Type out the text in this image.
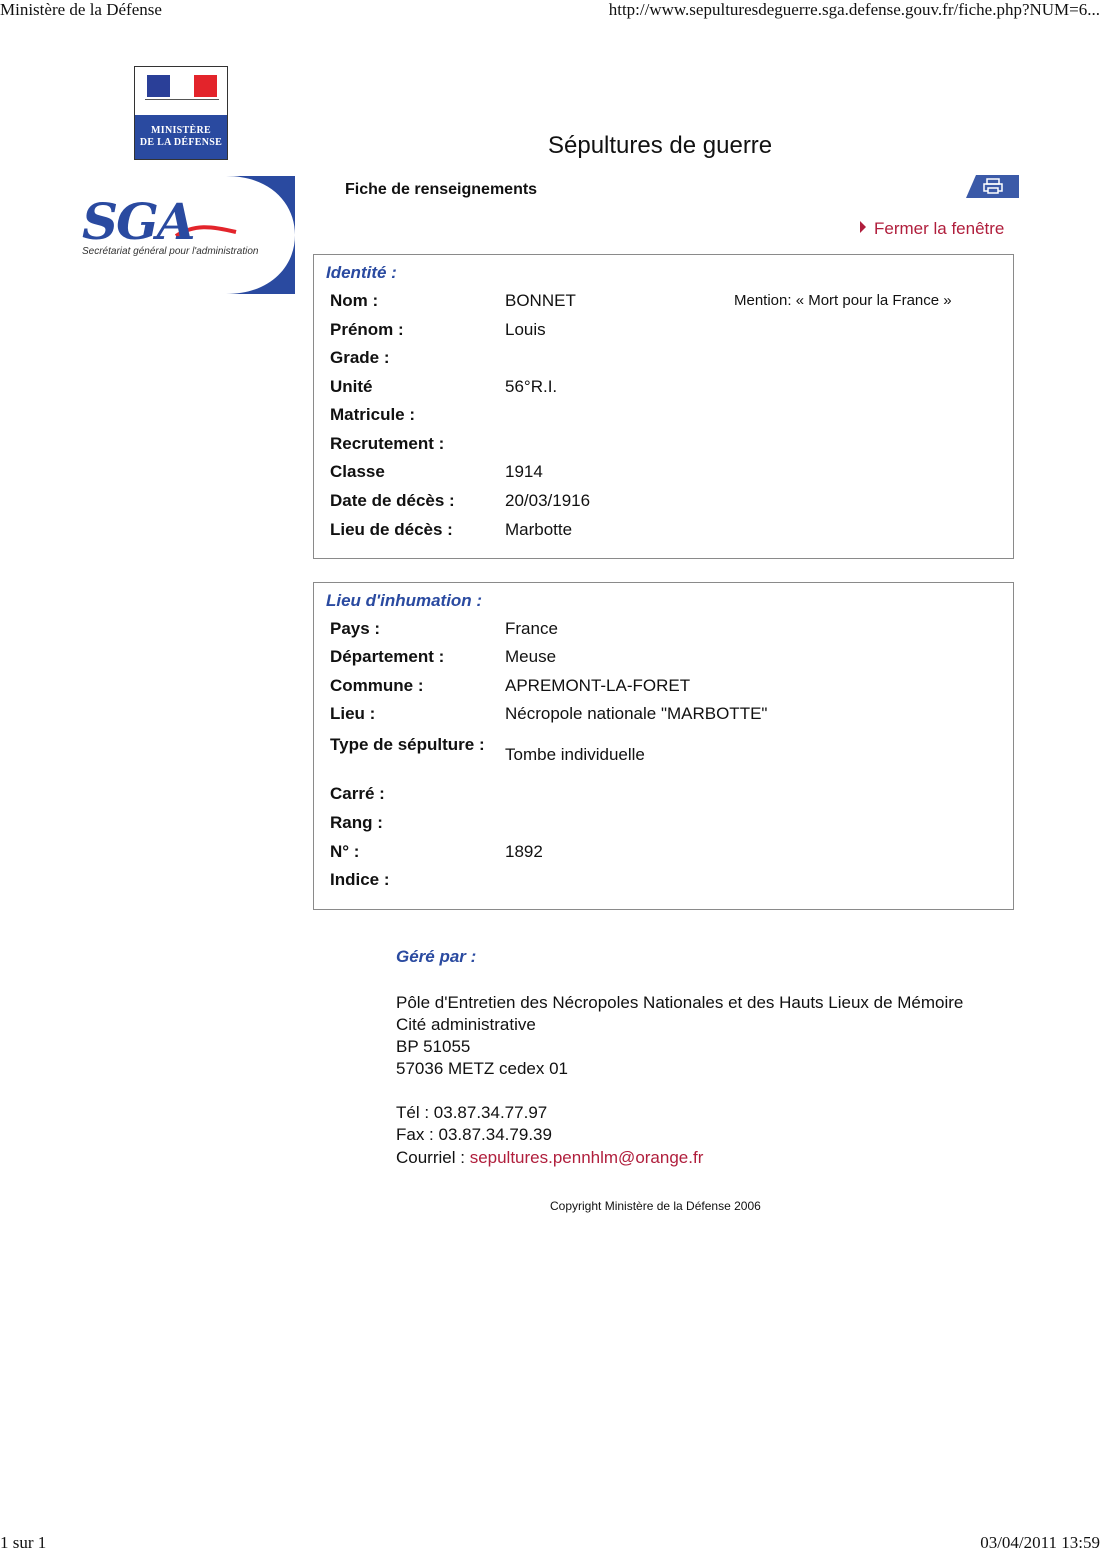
Ministère de la Défense	http://www.sepulturesdeguerre.sga.defense.gouv.fr/fiche.php?NUM=6...
MINISTÈRE
DE LA DÉFENSE
SGA
Secrétariat général pour l'administration
Sépultures de guerre
Fiche de renseignements
Fermer la fenêtre
Identité :
Mention: « Mort pour la France »
Nom :	BONNET
Prénom :	Louis
Grade :
Unité	56°R.I.
Matricule :
Recrutement :
Classe	1914
Date de décès :	20/03/1916
Lieu de décès :	Marbotte
Lieu d'inhumation :
Pays :	France
Département :	Meuse
Commune :	APREMONT-LA-FORET
Lieu :	Nécropole nationale "MARBOTTE"
Type de sépulture :
Tombe individuelle
Carré :
Rang :
N° :	1892
Indice :
Géré par :
Pôle d'Entretien des Nécropoles Nationales et des Hauts Lieux de Mémoire
Cité administrative
BP 51055
57036 METZ cedex 01
Tél : 03.87.34.77.97
Fax : 03.87.34.79.39
Courriel : sepultures.pennhlm@orange.fr
Copyright Ministère de la Défense 2006
1 sur 1	03/04/2011 13:59
